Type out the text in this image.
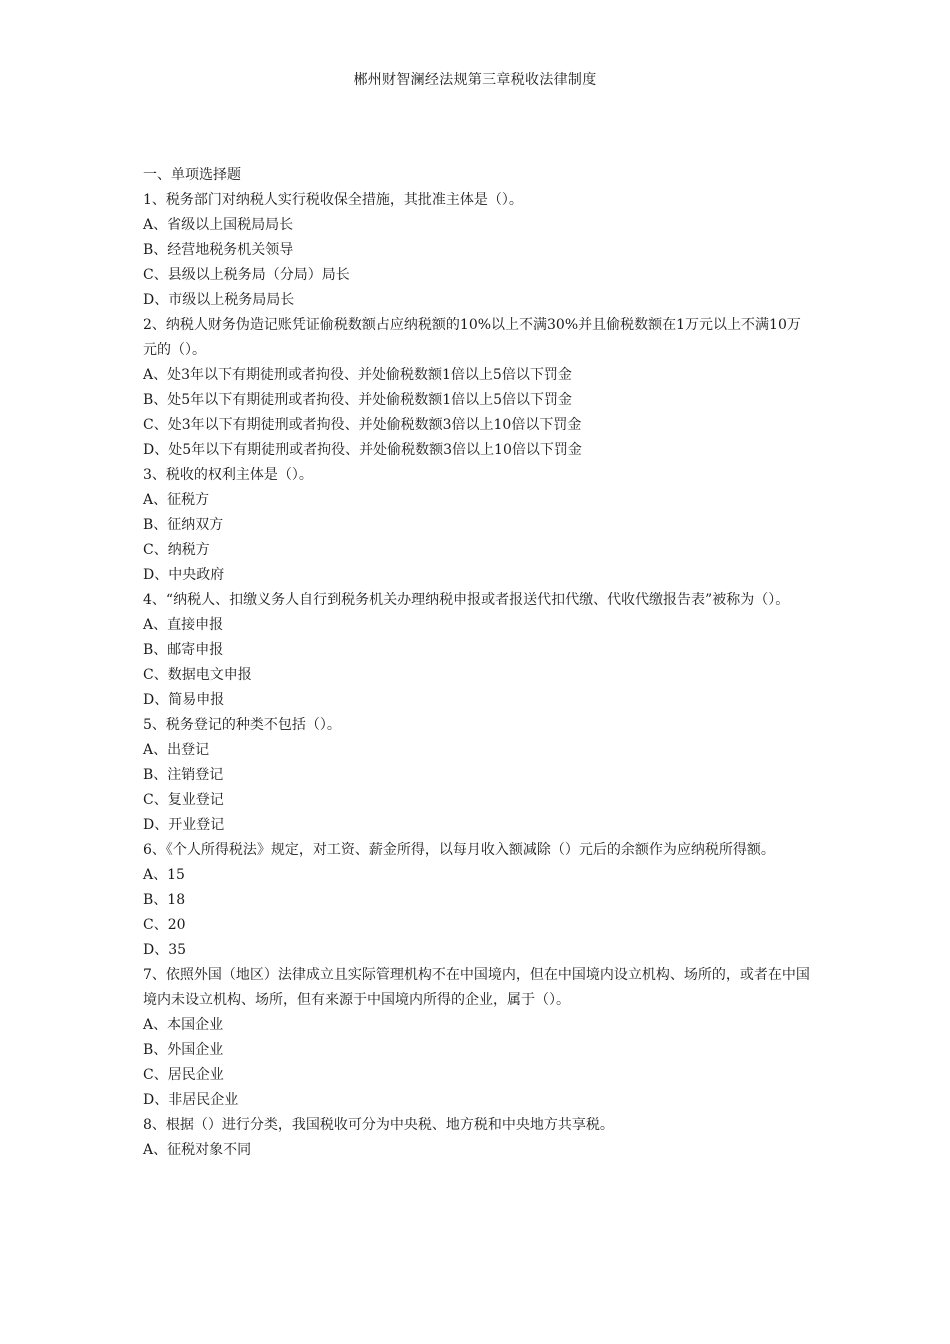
郴州财智澜经法规第三章税收法律制度
一、单项选择题
1、税务部门对纳税人实行税收保全措施，其批准主体是（）。
A、省级以上国税局局长
B、经营地税务机关领导
C、县级以上税务局（分局）局长
D、市级以上税务局局长
2、纳税人财务伪造记账凭证偷税数额占应纳税额的10%以上不满30%并且偷税数额在1万元以上不满10万元的（）。
A、处3年以下有期徒刑或者拘役、并处偷税数额1倍以上5倍以下罚金
B、处5年以下有期徒刑或者拘役、并处偷税数额1倍以上5倍以下罚金
C、处3年以下有期徒刑或者拘役、并处偷税数额3倍以上10倍以下罚金
D、处5年以下有期徒刑或者拘役、并处偷税数额3倍以上10倍以下罚金
3、税收的权利主体是（）。
A、征税方
B、征纳双方
C、纳税方
D、中央政府
4、“纳税人、扣缴义务人自行到税务机关办理纳税申报或者报送代扣代缴、代收代缴报告表”被称为（）。
A、直接申报
B、邮寄申报
C、数据电文申报
D、简易申报
5、税务登记的种类不包括（）。
A、出登记
B、注销登记
C、复业登记
D、开业登记
6、《个人所得税法》规定，对工资、薪金所得，以每月收入额减除（）元后的余额作为应纳税所得额。
A、15
B、18
C、20
D、35
7、依照外国（地区）法律成立且实际管理机构不在中国境内，但在中国境内设立机构、场所的，或者在中国境内未设立机构、场所，但有来源于中国境内所得的企业，属于（）。
A、本国企业
B、外国企业
C、居民企业
D、非居民企业
8、根据（）进行分类，我国税收可分为中央税、地方税和中央地方共享税。
A、征税对象不同
